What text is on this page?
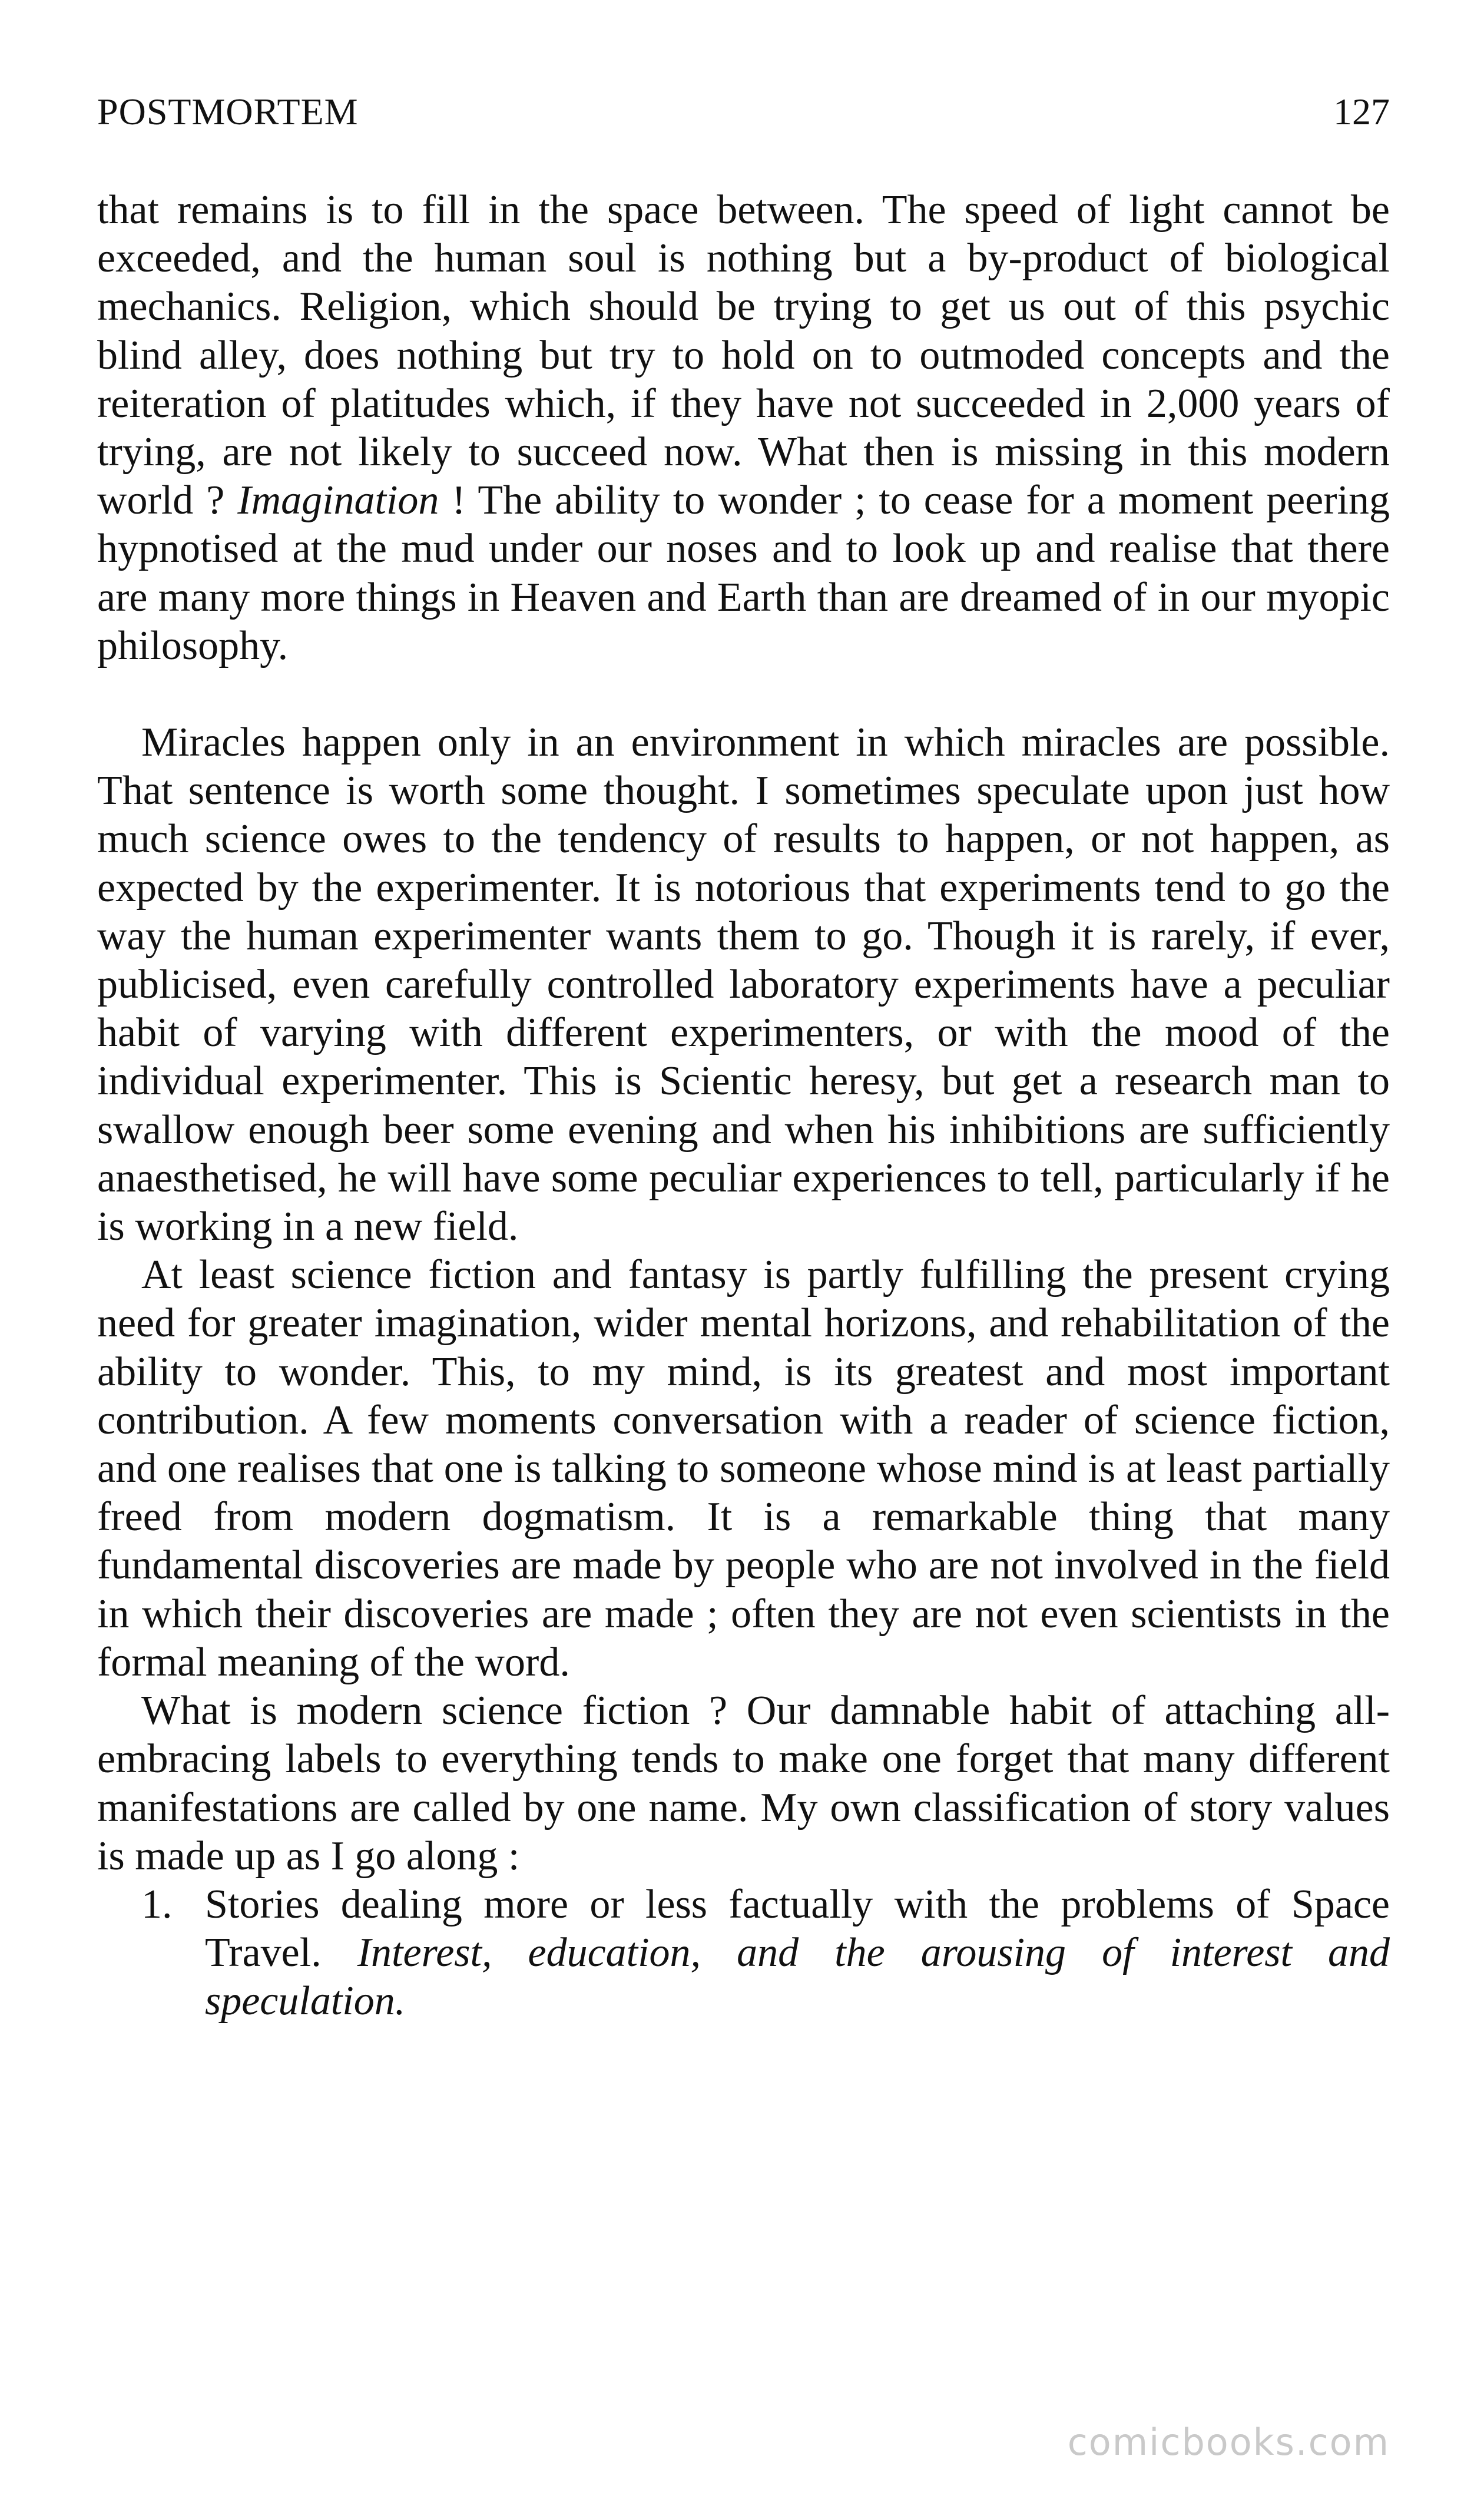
POSTMORTEM	127

that remains is to fill in the space between. The speed of light cannot be exceeded, and the human soul is nothing but a by-product of biological mechanics. Religion, which should be trying to get us out of this psychic blind alley, does nothing but try to hold on to outmoded concepts and the reiteration of platitudes which, if they have not succeeded in 2,000 years of trying, are not likely to succeed now. What then is missing in this modern world ? Imagination ! The ability to wonder ; to cease for a moment peering hypnotised at the mud under our noses and to look up and realise that there are many more things in Heaven and Earth than are dreamed of in our myopic philosophy.

Miracles happen only in an environment in which miracles are possible. That sentence is worth some thought. I sometimes speculate upon just how much science owes to the tendency of results to happen, or not happen, as expected by the experimenter. It is notorious that experiments tend to go the way the human experimenter wants them to go. Though it is rarely, if ever, publicised, even carefully controlled laboratory experiments have a peculiar habit of varying with different experimenters, or with the mood of the individual experimenter. This is Scientic heresy, but get a research man to swallow enough beer some evening and when his inhibitions are sufficiently anaesthetised, he will have some peculiar experiences to tell, particularly if he is working in a new field.

At least science fiction and fantasy is partly fulfilling the present crying need for greater imagination, wider mental horizons, and rehabilitation of the ability to wonder. This, to my mind, is its greatest and most important contribution. A few moments conversation with a reader of science fiction, and one realises that one is talking to someone whose mind is at least partially freed from modern dogmatism. It is a remarkable thing that many fundamental discoveries are made by people who are not involved in the field in which their discoveries are made ; often they are not even scientists in the formal meaning of the word.

What is modern science fiction ? Our damnable habit of attaching all-embracing labels to everything tends to make one forget that many different manifestations are called by one name. My own classification of story values is made up as I go along :

1. Stories dealing more or less factually with the problems of Space Travel. Interest, education, and the arousing of interest and speculation.
comicbooks.com
